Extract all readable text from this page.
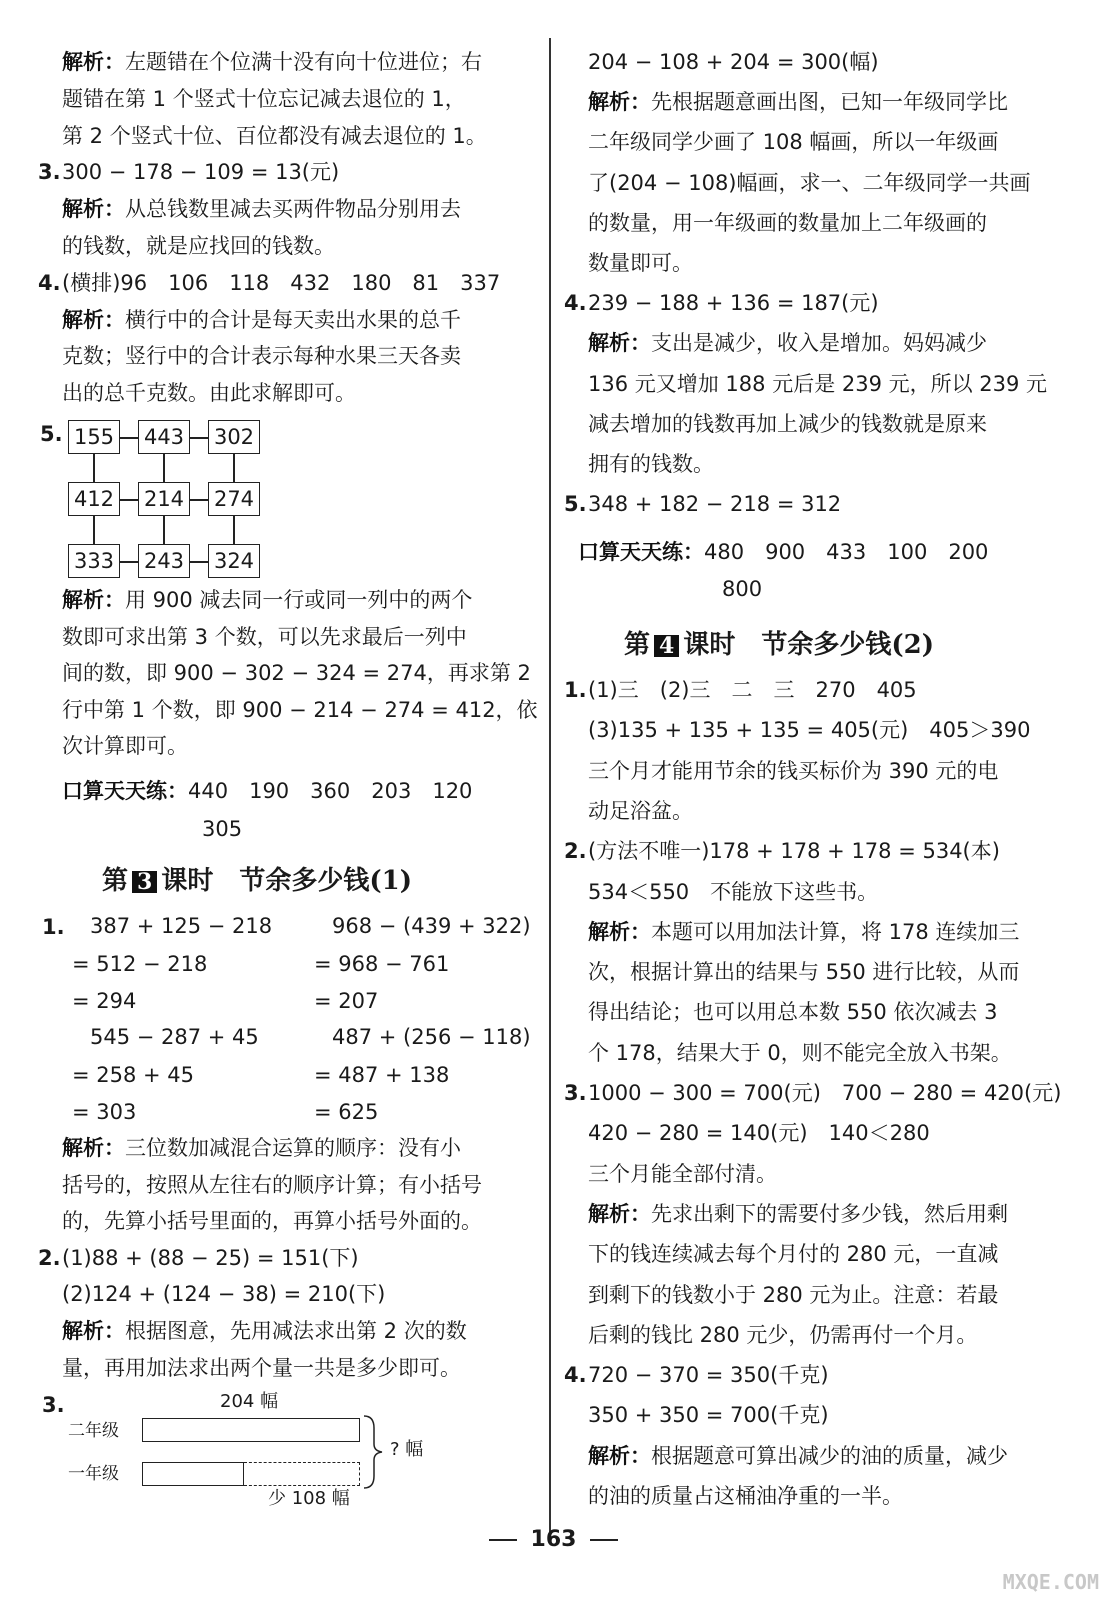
解析：左题错在个位满十没有向十位进位；右
题错在第 1 个竖式十位忘记减去退位的 1，
第 2 个竖式十位、百位都没有减去退位的 1。
3.300 − 178 − 109 = 13(元)
解析：从总钱数里减去买两件物品分别用去
的钱数，就是应找回的钱数。
4.(横排)96　106　118　432　180　81　337
解析：横行中的合计是每天卖出水果的总千
克数；竖行中的合计表示每种水果三天各卖
出的总千克数。由此求解即可。
5. 155 443 302
412 214 274
333 243 324
解析：用 900 减去同一行或同一列中的两个
数即可求出第 3 个数，可以先求最后一列中
间的数，即 900 − 302 − 324 = 274，再求第 2
行中第 1 个数，即 900 − 214 − 274 = 412，依
次计算即可。
口算天天练：440　190　360　203　120
305
第 3 课时　节余多少钱(1)
1. 387 + 125 − 218	968 − (439 + 322)
= 512 − 218	= 968 − 761
= 294	= 207
545 − 287 + 45	487 + (256 − 118)
= 258 + 45	= 487 + 138
= 303	= 625
解析：三位数加减混合运算的顺序：没有小
括号的，按照从左往右的顺序计算；有小括号
的，先算小括号里面的，再算小括号外面的。
2.(1)88 + (88 − 25) = 151(下)
(2)124 + (124 − 38) = 210(下)
解析：根据图意，先用减法求出第 2 次的数
量，再用加法求出两个量一共是多少即可。
3.	204 幅
二年级
一年级
? 幅
少 108 幅
204 − 108 + 204 = 300(幅)
解析：先根据题意画出图，已知一年级同学比
二年级同学少画了 108 幅画，所以一年级画
了(204 − 108)幅画，求一、二年级同学一共画
的数量，用一年级画的数量加上二年级画的
数量即可。
4.239 − 188 + 136 = 187(元)
解析：支出是减少，收入是增加。妈妈减少
136 元又增加 188 元后是 239 元，所以 239 元
减去增加的钱数再加上减少的钱数就是原来
拥有的钱数。
5.348 + 182 − 218 = 312
口算天天练：480　900　433　100　200
800
第 4 课时　节余多少钱(2)
1.(1)三　(2)三　二　三　270　405
(3)135 + 135 + 135 = 405(元)　405＞390
三个月才能用节余的钱买标价为 390 元的电
动足浴盆。
2.(方法不唯一)178 + 178 + 178 = 534(本)
534＜550　不能放下这些书。
解析：本题可以用加法计算，将 178 连续加三
次，根据计算出的结果与 550 进行比较，从而
得出结论；也可以用总本数 550 依次减去 3
个 178，结果大于 0，则不能完全放入书架。
3.1000 − 300 = 700(元)　700 − 280 = 420(元)
420 − 280 = 140(元)　140＜280
三个月能全部付清。
解析：先求出剩下的需要付多少钱，然后用剩
下的钱连续减去每个月付的 280 元，一直减
到剩下的钱数小于 280 元为止。注意：若最
后剩的钱比 280 元少，仍需再付一个月。
4.720 − 370 = 350(千克)
350 + 350 = 700(千克)
解析：根据题意可算出减少的油的质量，减少
的油的质量占这桶油净重的一半。
163
MXQE.COM
